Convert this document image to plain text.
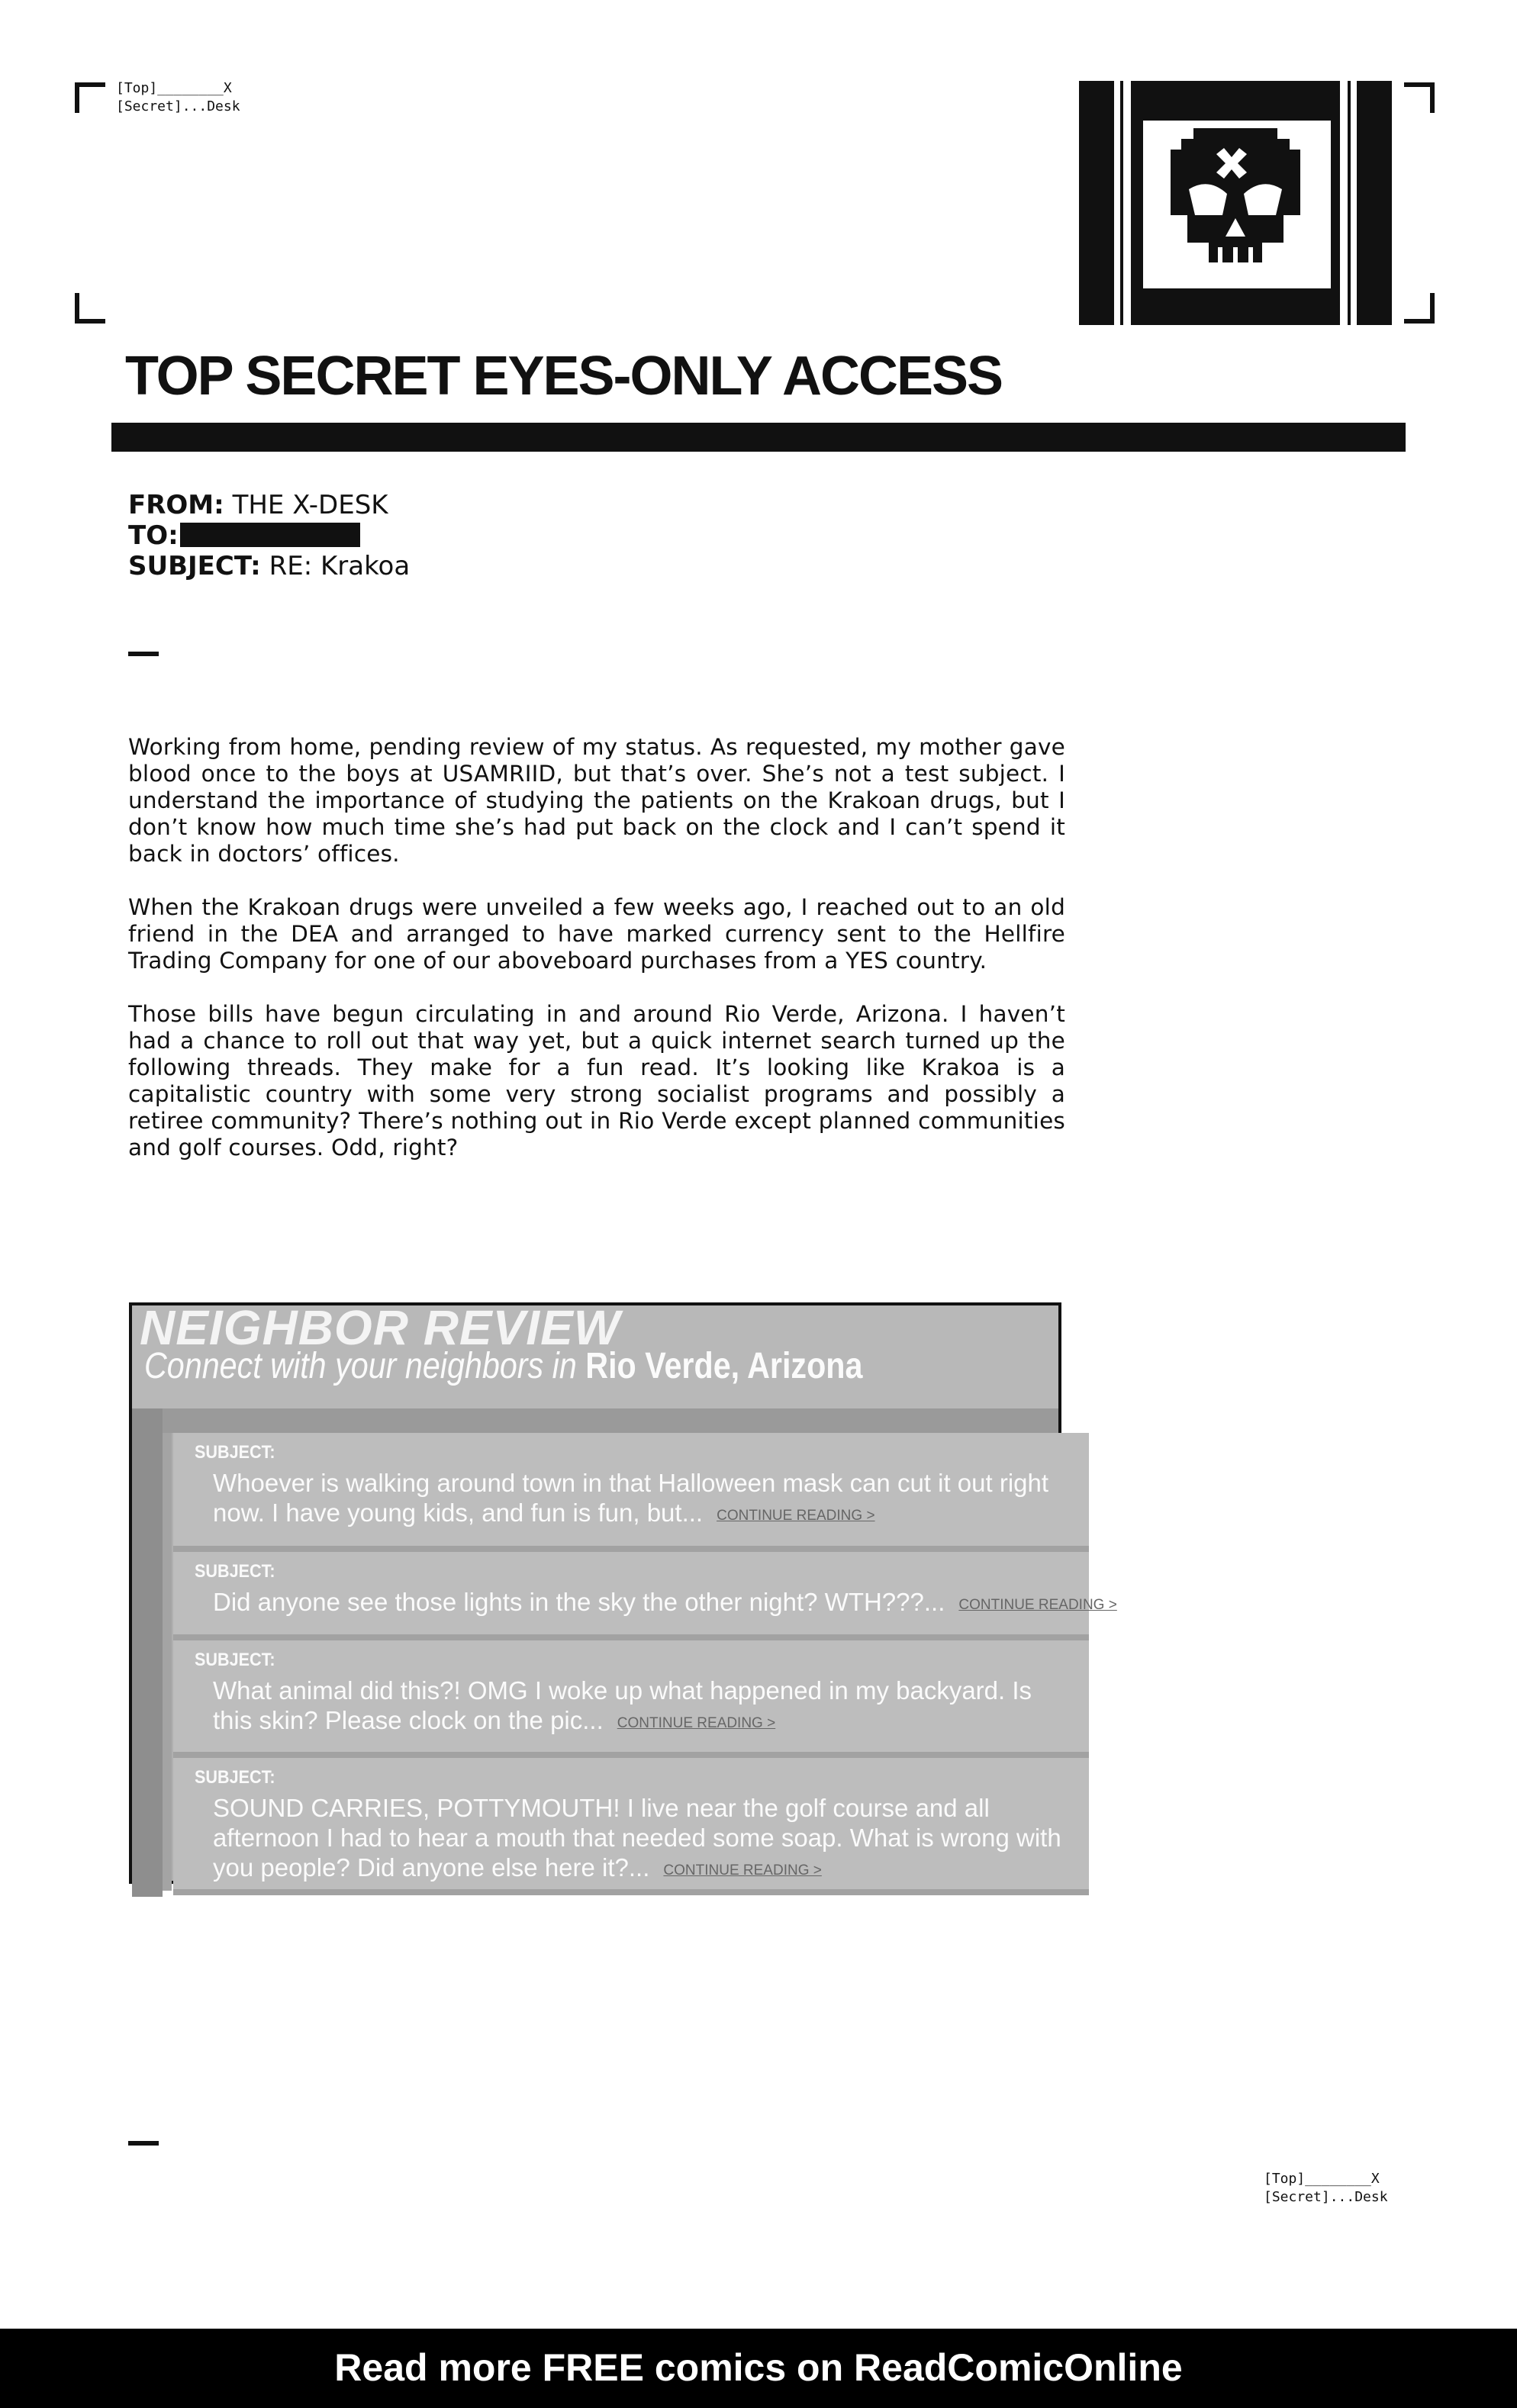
[Top]________X
[Secret]...Desk
TOP SECRET EYES-ONLY ACCESS
FROM: THE X-DESK
TO:
SUBJECT: RE: Krakoa

Working from home, pending review of my status. As requested, my mother gave blood once to the boys at USAMRIID, but that’s over. She’s not a test subject. I understand the importance of studying the patients on the Krakoan drugs, but I don’t know how much time she’s had put back on the clock and I can’t spend it back in doctors’ offices.

When the Krakoan drugs were unveiled a few weeks ago, I reached out to an old friend in the DEA and arranged to have marked currency sent to the Hellfire Trading Company for one of our aboveboard purchases from a YES country.

Those bills have begun circulating in and around Rio Verde, Arizona. I haven’t had a chance to roll out that way yet, but a quick internet search turned up the following threads. They make for a fun read. It’s looking like Krakoa is a capitalistic country with some very strong socialist programs and possibly a retiree community? There’s nothing out in Rio Verde except planned communities and golf courses. Odd, right?

NEIGHBOR REVIEW
Connect with your neighbors in Rio Verde, Arizona
SUBJECT:
Whoever is walking around town in that Halloween mask can cut it out right now. I have young kids, and fun is fun, but... CONTINUE READING >
SUBJECT:
Did anyone see those lights in the sky the other night? WTH???... CONTINUE READING >
SUBJECT:
What animal did this?! OMG I woke up what happened in my backyard. Is this skin? Please clock on the pic... CONTINUE READING >
SUBJECT:
SOUND CARRIES, POTTYMOUTH! I live near the golf course and all afternoon I had to hear a mouth that needed some soap. What is wrong with you people? Did anyone else here it?... CONTINUE READING >
[Top]________X
[Secret]...Desk
Read more FREE comics on ReadComicOnline
